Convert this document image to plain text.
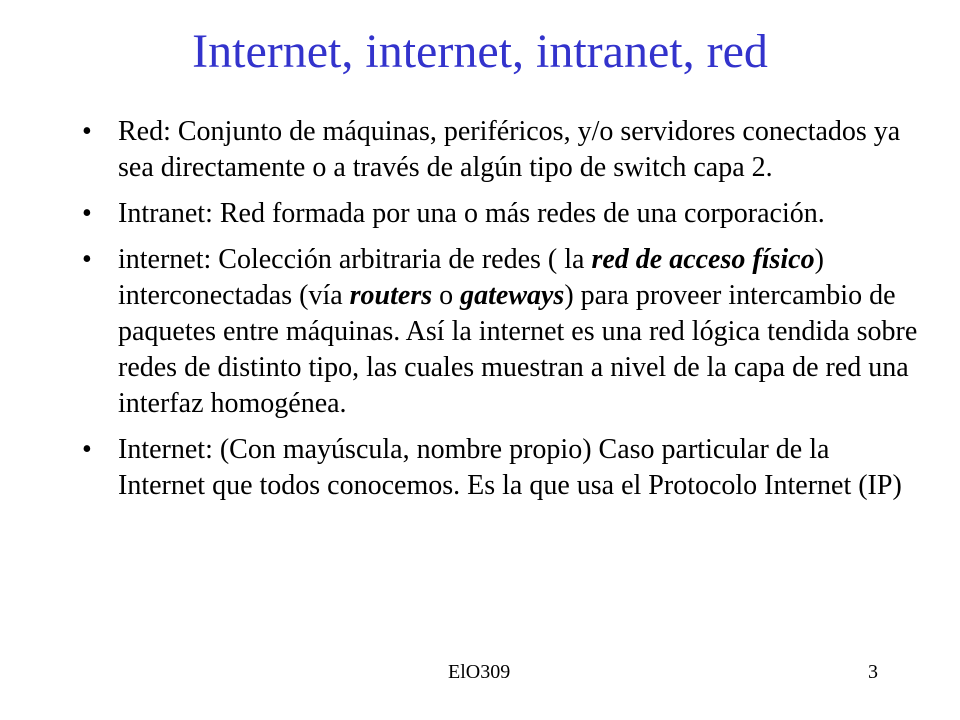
Internet, internet, intranet, red
• Red: Conjunto de máquinas, periféricos, y/o servidores conectados ya sea directamente o a través de algún tipo de switch capa 2.
• Intranet: Red formada por una o más redes de una corporación.
• internet: Colección arbitraria de redes ( la red de acceso físico) interconectadas (vía routers o gateways) para proveer intercambio de paquetes entre máquinas. Así la internet es una red lógica tendida sobre redes de distinto tipo, las cuales muestran a nivel de la capa de red una interfaz homogénea.
• Internet: (Con mayúscula, nombre propio) Caso particular de la Internet que todos conocemos. Es la que usa el Protocolo Internet (IP)
ElO309	3
